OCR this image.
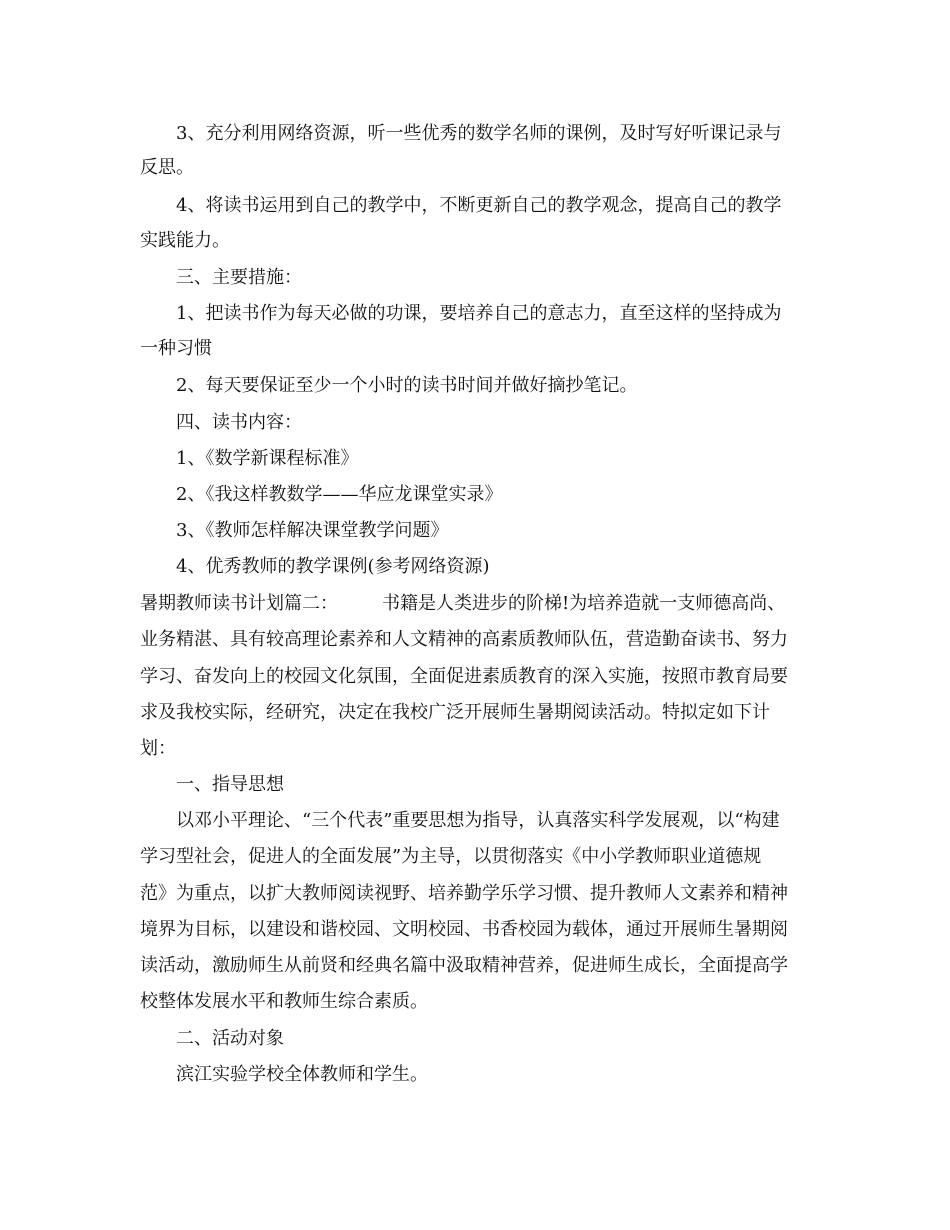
3、充分利用网络资源，听一些优秀的数学名师的课例，及时写好听课记录与
反思。
4、将读书运用到自己的教学中，不断更新自己的教学观念，提高自己的教学
实践能力。
三、主要措施：
1、把读书作为每天必做的功课，要培养自己的意志力，直至这样的坚持成为
一种习惯
2、每天要保证至少一个小时的读书时间并做好摘抄笔记。
四、读书内容：
1、《数学新课程标准》
2、《我这样教数学——华应龙课堂实录》
3、《教师怎样解决课堂教学问题》
4、优秀教师的教学课例(参考网络资源)
暑期教师读书计划篇二： 书籍是人类进步的阶梯!为培养造就一支师德高尚、
业务精湛、具有较高理论素养和人文精神的高素质教师队伍，营造勤奋读书、努力
学习、奋发向上的校园文化氛围，全面促进素质教育的深入实施，按照市教育局要
求及我校实际，经研究，决定在我校广泛开展师生暑期阅读活动。特拟定如下计
划：
一、指导思想
以邓小平理论、“三个代表”重要思想为指导，认真落实科学发展观，以“构建
学习型社会，促进人的全面发展”为主导，以贯彻落实《中小学教师职业道德规
范》为重点，以扩大教师阅读视野、培养勤学乐学习惯、提升教师人文素养和精神
境界为目标，以建设和谐校园、文明校园、书香校园为载体，通过开展师生暑期阅
读活动，激励师生从前贤和经典名篇中汲取精神营养，促进师生成长，全面提高学
校整体发展水平和教师生综合素质。
二、活动对象
滨江实验学校全体教师和学生。
